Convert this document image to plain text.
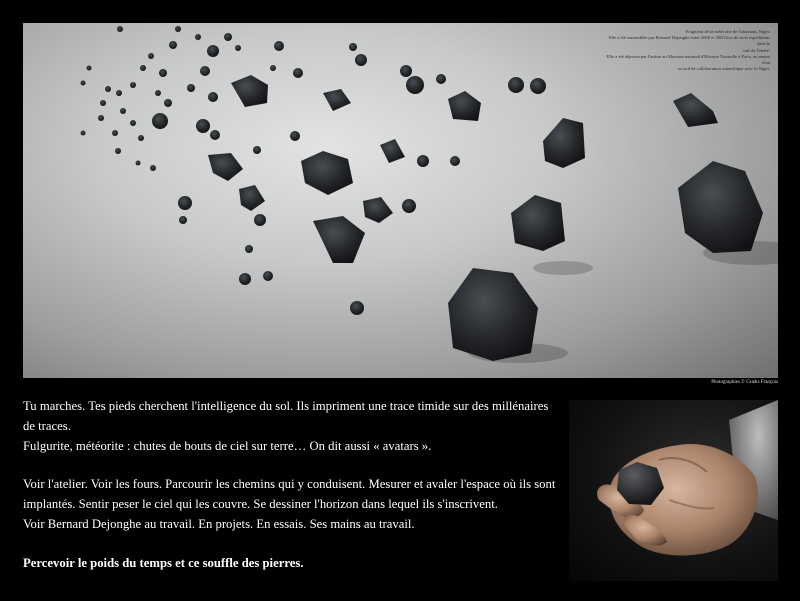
Fragment de la météorite de Tahassant, Niger.

Elle a été rassemblée par Bernard Dejonghe entre 2000 et 2003 lors de trois expéditions dans le

sud du Ténéré.

Elle a été déposée par l'artiste au Muséum national d'Histoire Naturelle à Paris, en amont d'un

accord de collaboration scientifique avec le Niger.

Photographies © Gradis François

Tu marches. Tes pieds cherchent l'intelligence du sol. Ils impriment une trace timide sur des millénaires

de traces.

Fulgurite, météorite : chutes de bouts de ciel sur terre… On dit aussi « avatars ».

Voir l'atelier. Voir les fours. Parcourir les chemins qui y conduisent. Mesurer et avaler l'espace où ils sont

implantés. Sentir peser le ciel qui les couvre. Se dessiner l'horizon dans lequel ils s'inscrivent.

Voir Bernard Dejonghe au travail. En projets. En essais. Ses mains au travail.

Percevoir le poids du temps et ce souffle des pierres.
